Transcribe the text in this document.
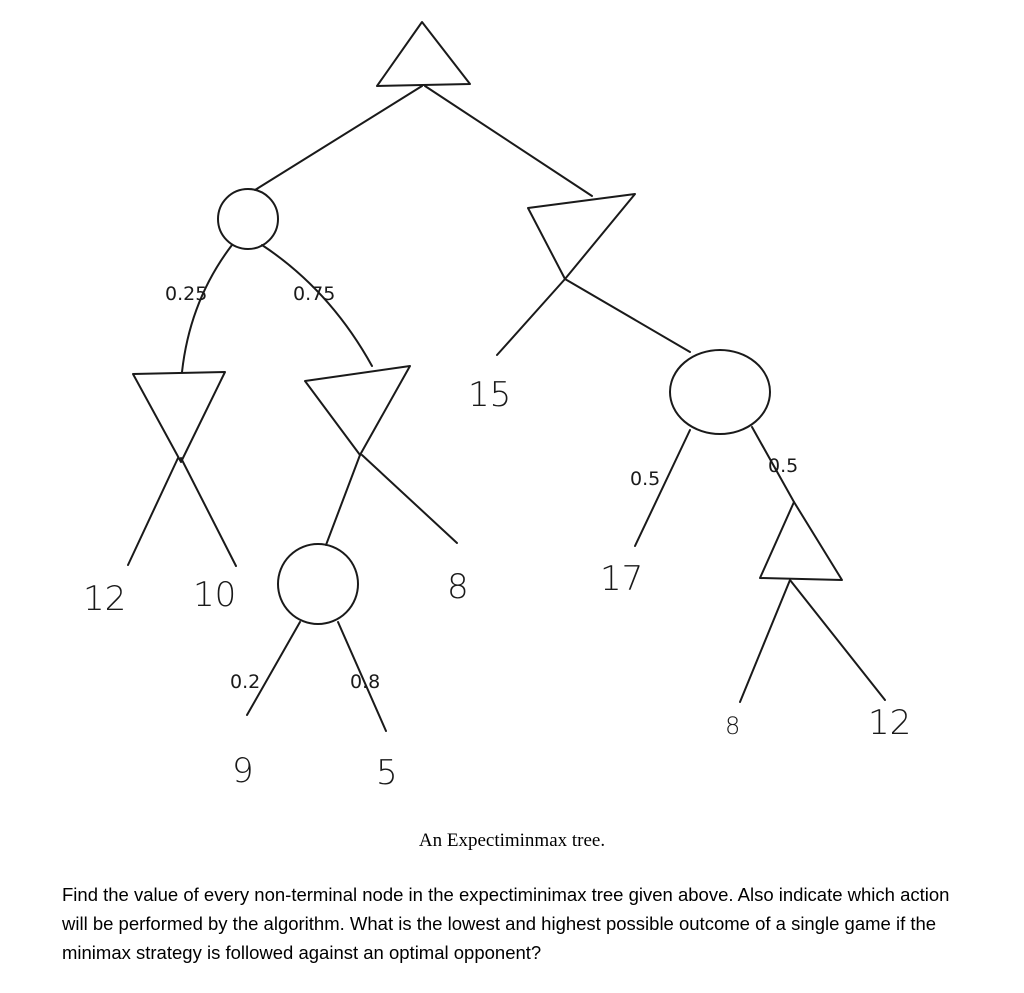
0.25	0.75
0.2	0.8
0.5
0.5
12 10
9	5
8
15
17
8	12
An Expectiminmax tree.
Find the value of every non-terminal node in the expectiminimax tree given above. Also indicate which action will be performed by the algorithm. What is the lowest and highest possible outcome of a single game if the minimax strategy is followed against an optimal opponent?
